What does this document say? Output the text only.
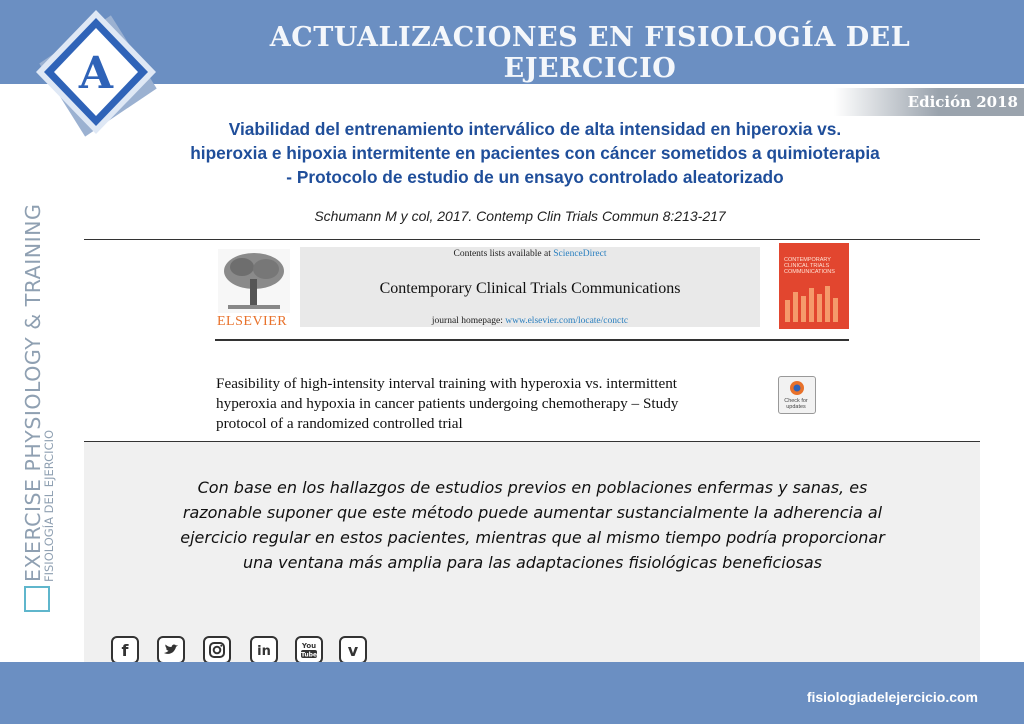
ACTUALIZACIONES EN FISIOLOGÍA DEL EJERCICIO
Edición 2018
A
EXERCISE PHYSIOLOGY & TRAINING
FISIOLOGÍA DEL EJERCICIO
Viabilidad del entrenamiento interválico de alta intensidad en hiperoxia vs.
hiperoxia e hipoxia intermitente en pacientes con cáncer sometidos a quimioterapia
- Protocolo de estudio de un ensayo controlado aleatorizado
Schumann M y col, 2017. Contemp Clin Trials Commun 8:213-217
ELSEVIER
Contents lists available at ScienceDirect
Contemporary Clinical Trials Communications
journal homepage: www.elsevier.com/locate/conctc
CONTEMPORARY CLINICAL TRIALS COMMUNICATIONS
Feasibility of high-intensity interval training with hyperoxia vs. intermittent
hyperoxia and hypoxia in cancer patients undergoing chemotherapy – Study
protocol of a randomized controlled trial
Check for updates
Con base en los hallazgos de estudios previos en poblaciones enfermas y sanas, es
razonable suponer que este método puede aumentar sustancialmente la adherencia al
ejercicio regular en estos pacientes, mientras que al mismo tiempo podría proporcionar
una ventana más amplia para las adaptaciones fisiológicas beneficiosas
f	in	You
Tube v
fisiologiadelejercicio.com
